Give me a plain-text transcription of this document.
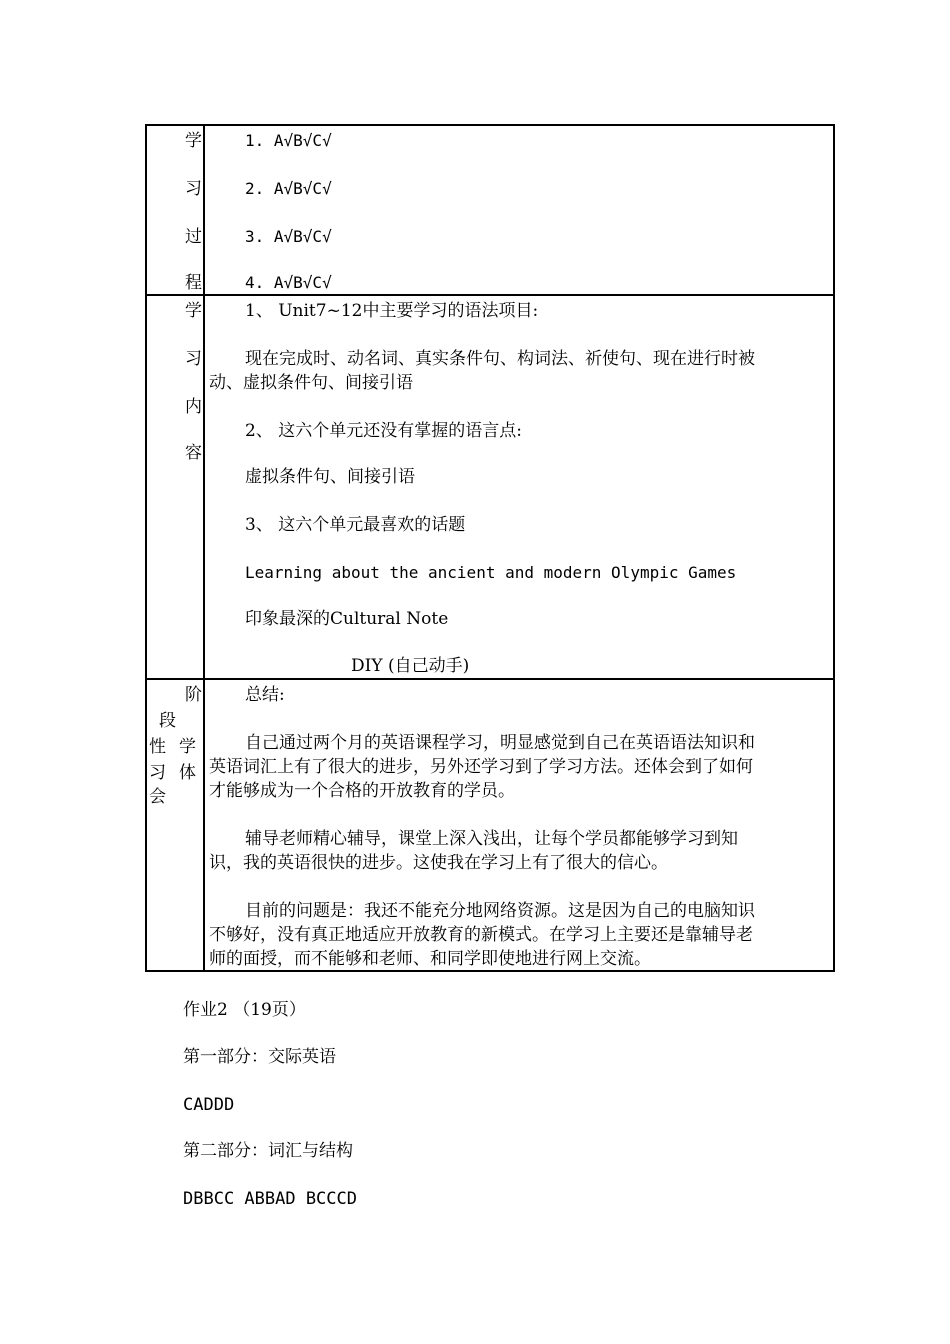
学
习
过
程
1. A√B√C√
2. A√B√C√
3. A√B√C√
4. A√B√C√
学
习
内
容
1、 Unit7~12中主要学习的语法项目:
现在完成时、动名词、真实条件句、构词法、祈使句、现在进行时被
动、虚拟条件句、间接引语
2、 这六个单元还没有掌握的语言点:
虚拟条件句、间接引语
3、 这六个单元最喜欢的话题
Learning about the ancient and modern Olympic Games
印象最深的Cultural Note
DIY (自己动手)
阶
段
性 学
习 体
会
总结:
自己通过两个月的英语课程学习，明显感觉到自己在英语语法知识和
英语词汇上有了很大的进步，另外还学习到了学习方法。还体会到了如何
才能够成为一个合格的开放教育的学员。
辅导老师精心辅导，课堂上深入浅出，让每个学员都能够学习到知
识，我的英语很快的进步。这使我在学习上有了很大的信心。
目前的问题是：我还不能充分地网络资源。这是因为自己的电脑知识
不够好，没有真正地适应开放教育的新模式。在学习上主要还是靠辅导老
师的面授，而不能够和老师、和同学即使地进行网上交流。
作业2 （19页）
第一部分：交际英语
CADDD
第二部分：词汇与结构
DBBCC ABBAD BCCCD
